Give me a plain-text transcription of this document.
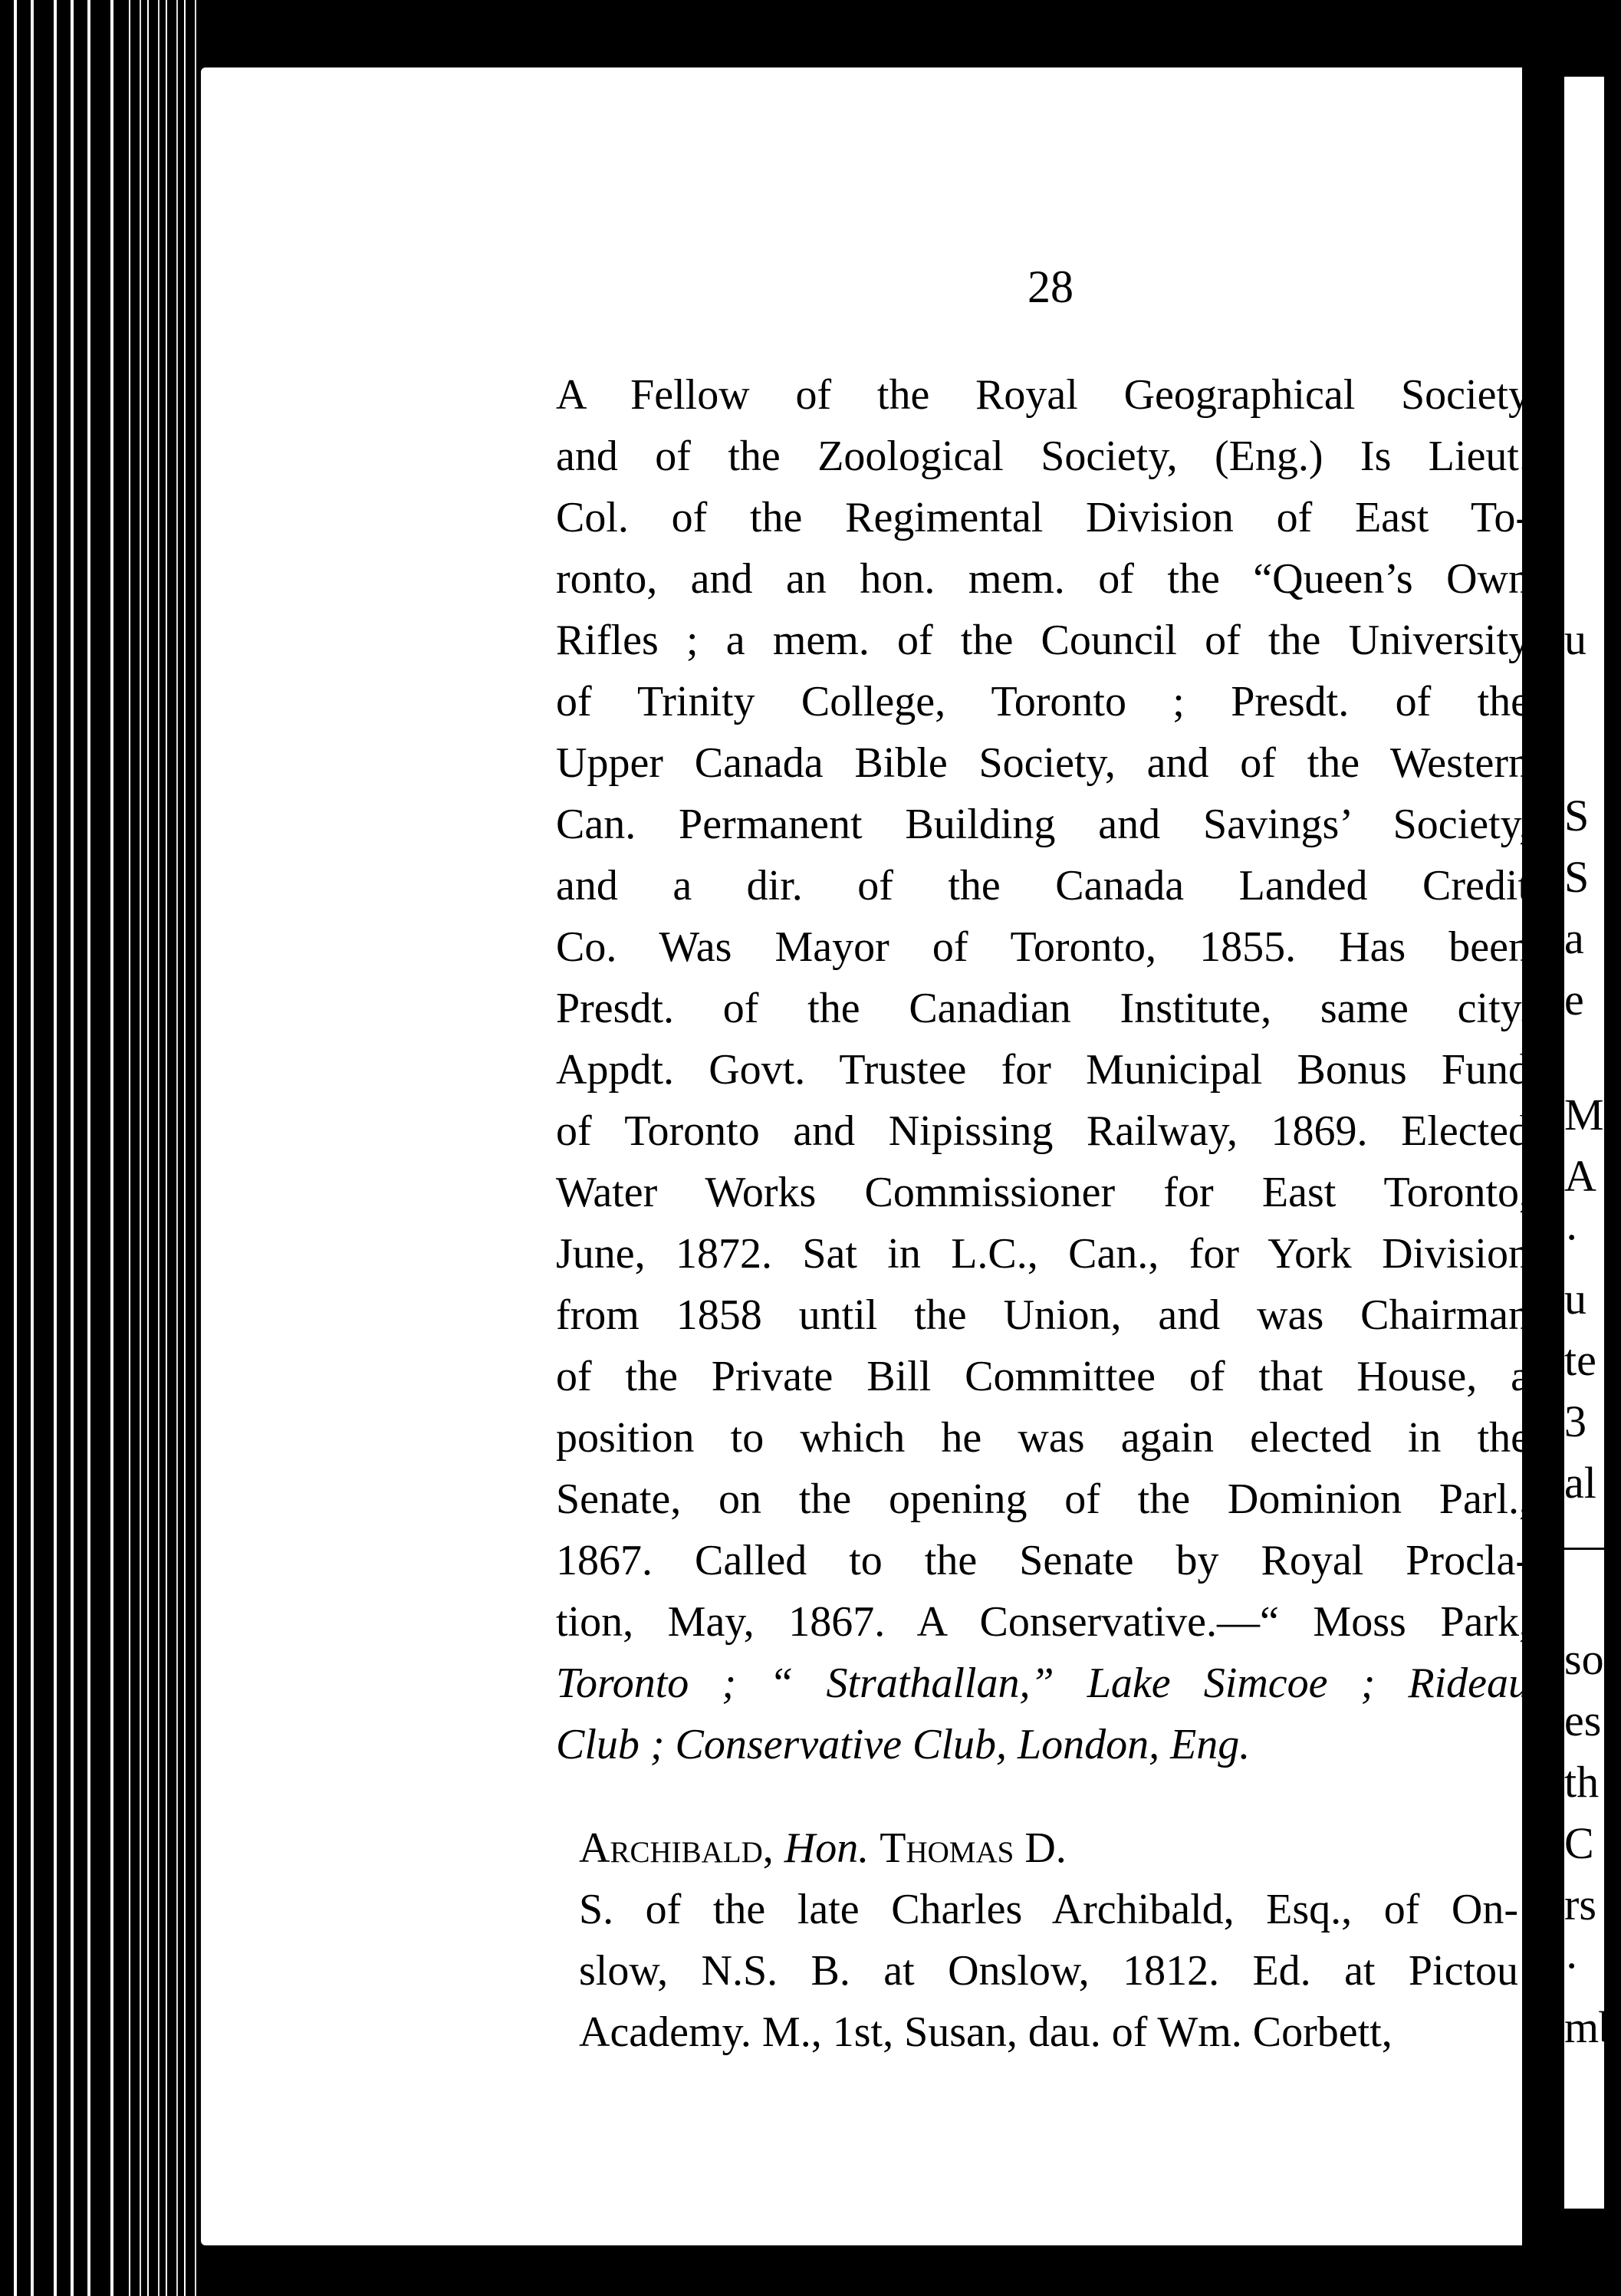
28
A Fellow of the Royal Geographical Society
and of the Zoological Society, (Eng.) Is Lieut.
Col. of the Regimental Division of East To-
ronto, and an hon. mem. of the “Queen’s Own
Rifles ; a mem. of the Council of the University
of Trinity College, Toronto ; Presdt. of the
Upper Canada Bible Society, and of the Western
Can. Permanent Building and Savings’ Society,
and a dir. of the Canada Landed Credit
Co. Was Mayor of Toronto, 1855. Has been
Presdt. of the Canadian Institute, same city.
Appdt. Govt. Trustee for Municipal Bonus Fund
of Toronto and Nipissing Railway, 1869. Elected
Water Works Commissioner for East Toronto,
June, 1872. Sat in L.C., Can., for York Division
from 1858 until the Union, and was Chairman
of the Private Bill Committee of that House, a
position to which he was again elected in the
Senate, on the opening of the Dominion Parl.,
1867. Called to the Senate by Royal Procla-
tion, May, 1867. A Conservative.—“ Moss Park,
Toronto ; “ Strathallan,” Lake Simcoe ; Rideau
Club ; Conservative Club, London, Eng.
Archibald, Hon. Thomas D.
S. of the late Charles Archibald, Esq., of On-
slow, N.S. B. at Onslow, 1812. Ed. at Pictou
Academy. M., 1st, Susan, dau. of Wm. Corbett,
u
S
S
a
e
M
A
·
u
te
3
al
—
so
es
th
C
rs
·
mb
